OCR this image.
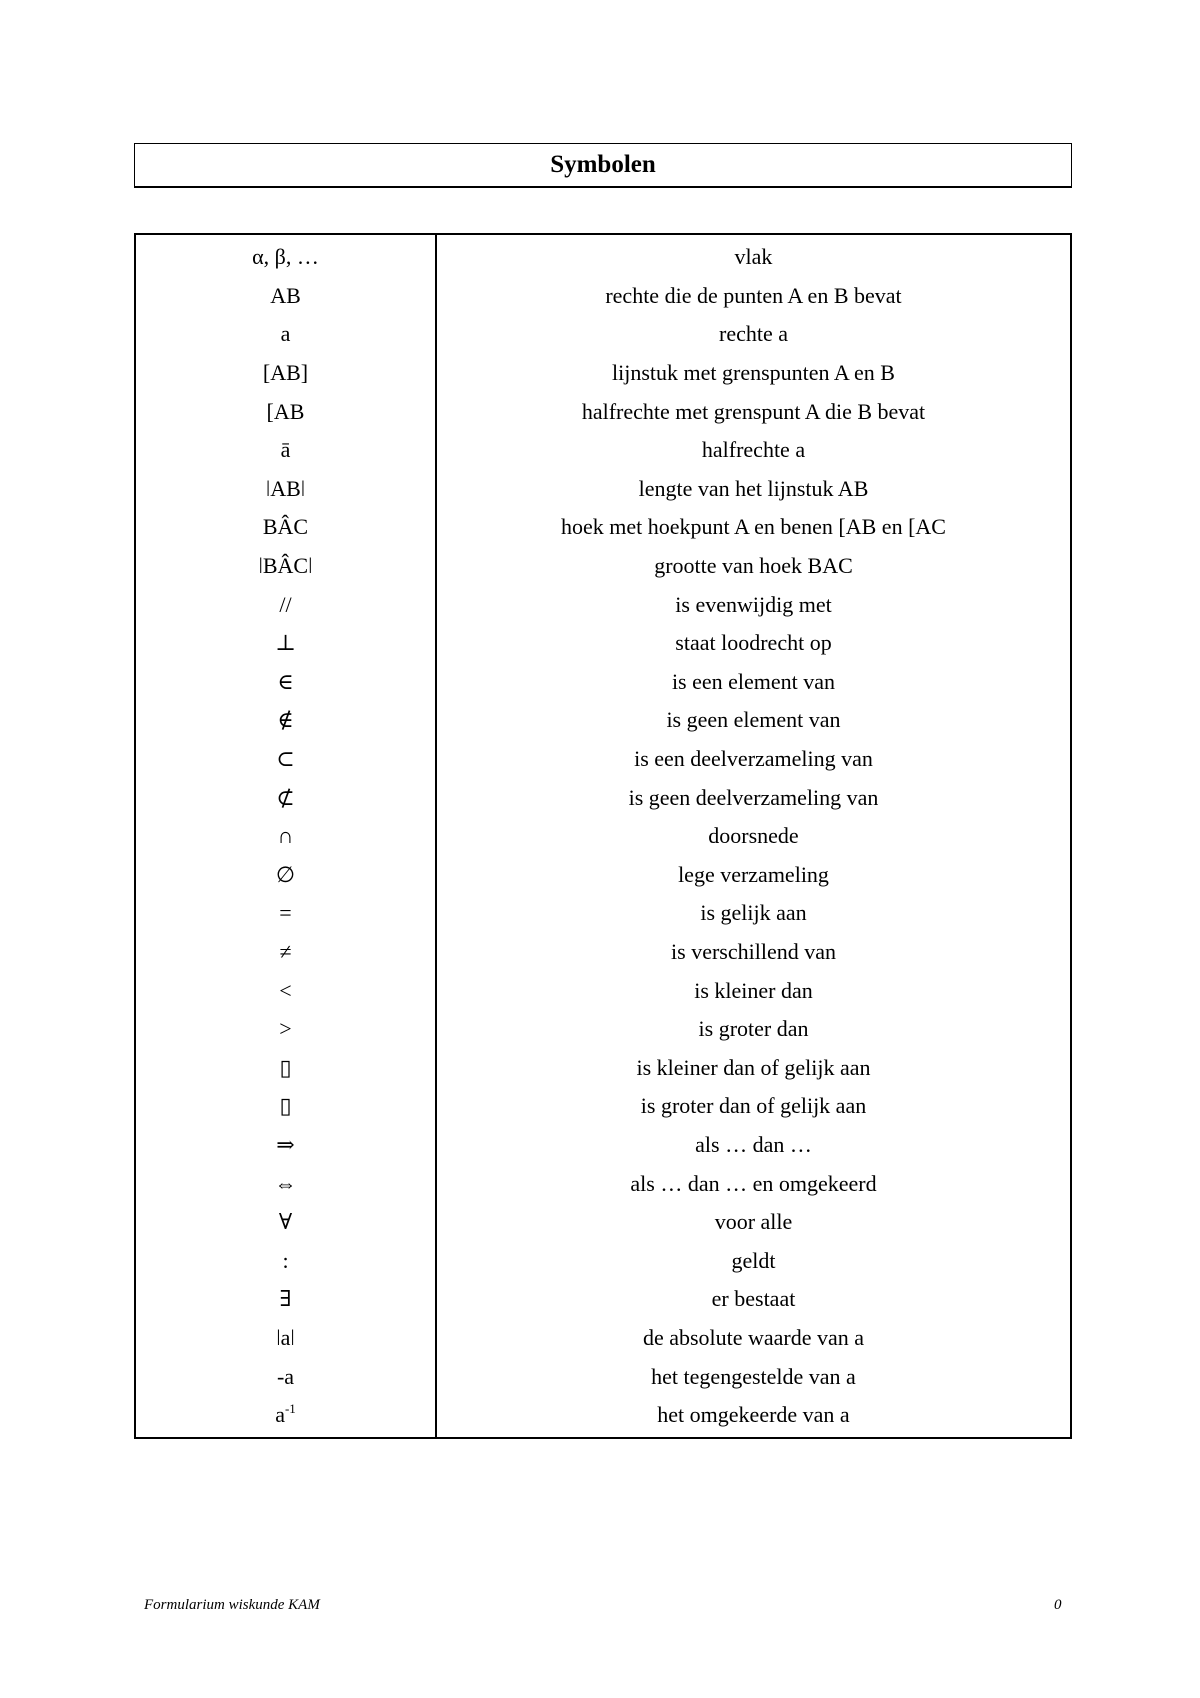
Symbolen
α, β, …	vlak
AB	rechte die de punten A en B bevat
a	rechte a
[AB]	lijnstuk met grenspunten A en B
[AB	halfrechte met grenspunt A die B bevat
ā	halfrechte a
ǀABǀ	lengte van het lijnstuk AB
BÂC	hoek met hoekpunt A en benen [AB en [AC
ǀBÂCǀ	grootte van hoek BAC
//	is evenwijdig met
⊥	staat loodrecht op
∈	is een element van
∉	is geen element van
⊂	is een deelverzameling van
⊄	is geen deelverzameling van
∩	doorsnede
∅	lege verzameling
=	is gelijk aan
≠	is verschillend van
<	is kleiner dan
>	is groter dan
▯	is kleiner dan of gelijk aan
▯	is groter dan of gelijk aan
⇒	als … dan …
⇔	als … dan … en omgekeerd
∀	voor alle
:	geldt
∃	er bestaat
ǀaǀ	de absolute waarde van a
-a	het tegengestelde van a
$a^{-1}$	het omgekeerde van a
Formularium wiskunde KAM	0
